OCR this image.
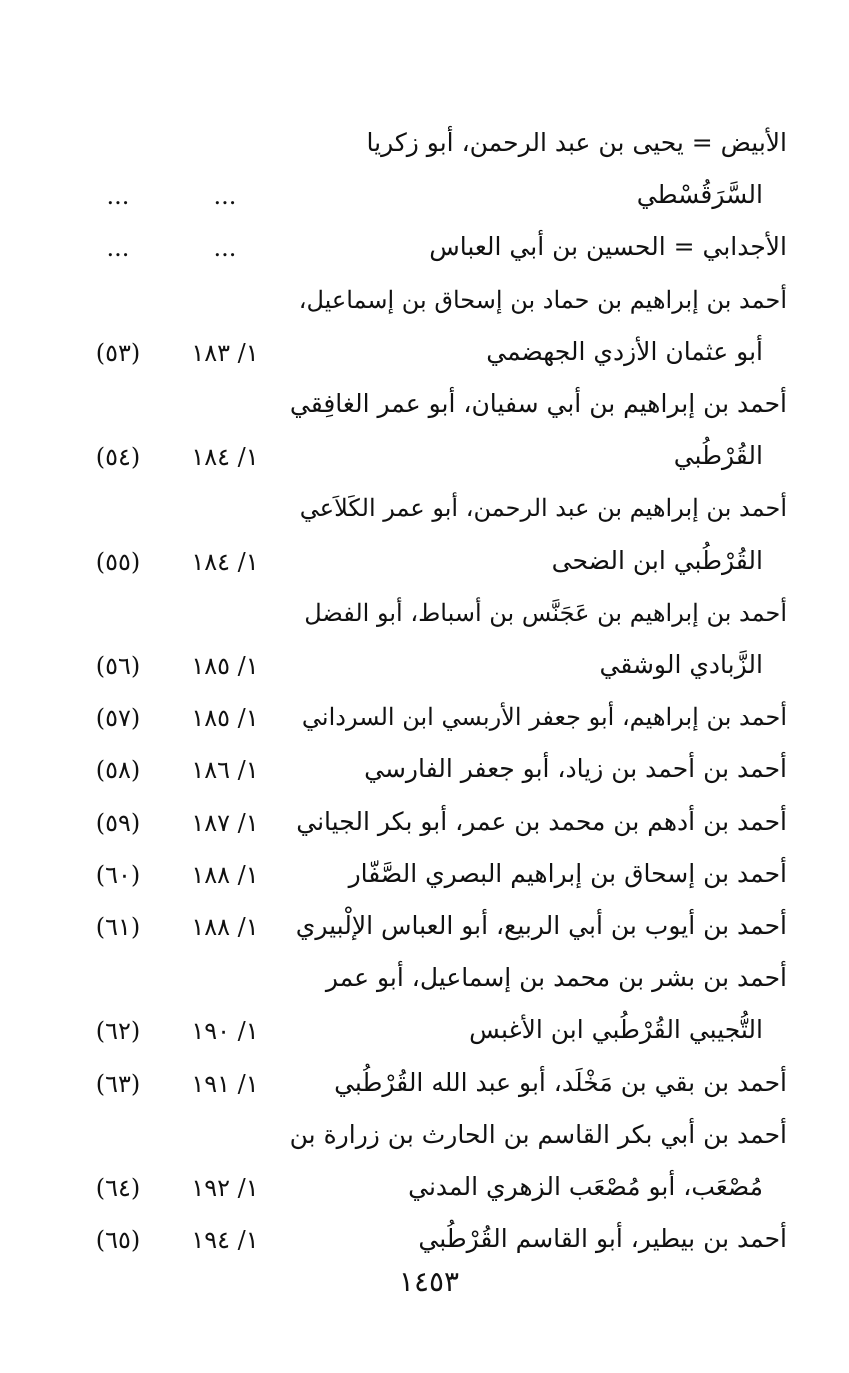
الأبيض = يحيى بن عبد الرحمن، أبو زكريا
السَّرَقُسْطي
...
...
الأجدابي = الحسين بن أبي العباس
...
...
أحمد بن إبراهيم بن حماد بن إسحاق بن إسماعيل،
أبو عثمان الأزدي الجهضمي
١/ ١٨٣
(٥٣)
أحمد بن إبراهيم بن أبي سفيان، أبو عمر الغافِقي
القُرْطُبي
١/ ١٨٤
(٥٤)
أحمد بن إبراهيم بن عبد الرحمن، أبو عمر الكَلاَعي
القُرْطُبي ابن الضحى
١/ ١٨٤
(٥٥)
أحمد بن إبراهيم بن عَجَنَّس بن أسباط، أبو الفضل
الزَّبادي الوشقي
١/ ١٨٥
(٥٦)
أحمد بن إبراهيم، أبو جعفر الأربسي ابن السرداني
١/ ١٨٥
(٥٧)
أحمد بن أحمد بن زياد، أبو جعفر الفارسي
١/ ١٨٦
(٥٨)
أحمد بن أدهم بن محمد بن عمر، أبو بكر الجياني
١/ ١٨٧
(٥٩)
أحمد بن إسحاق بن إبراهيم البصري الصَّفّار
١/ ١٨٨
(٦٠)
أحمد بن أيوب بن أبي الربيع، أبو العباس الإلْبيري
١/ ١٨٨
(٦١)
أحمد بن بشر بن محمد بن إسماعيل، أبو عمر
التُّجيبي القُرْطُبي ابن الأغبس
١/ ١٩٠
(٦٢)
أحمد بن بقي بن مَخْلَد، أبو عبد الله القُرْطُبي
١/ ١٩١
(٦٣)
أحمد بن أبي بكر القاسم بن الحارث بن زرارة بن
مُصْعَب، أبو مُصْعَب الزهري المدني
١/ ١٩٢
(٦٤)
أحمد بن بيطير، أبو القاسم القُرْطُبي
١/ ١٩٤
(٦٥)
١٤٥٣
